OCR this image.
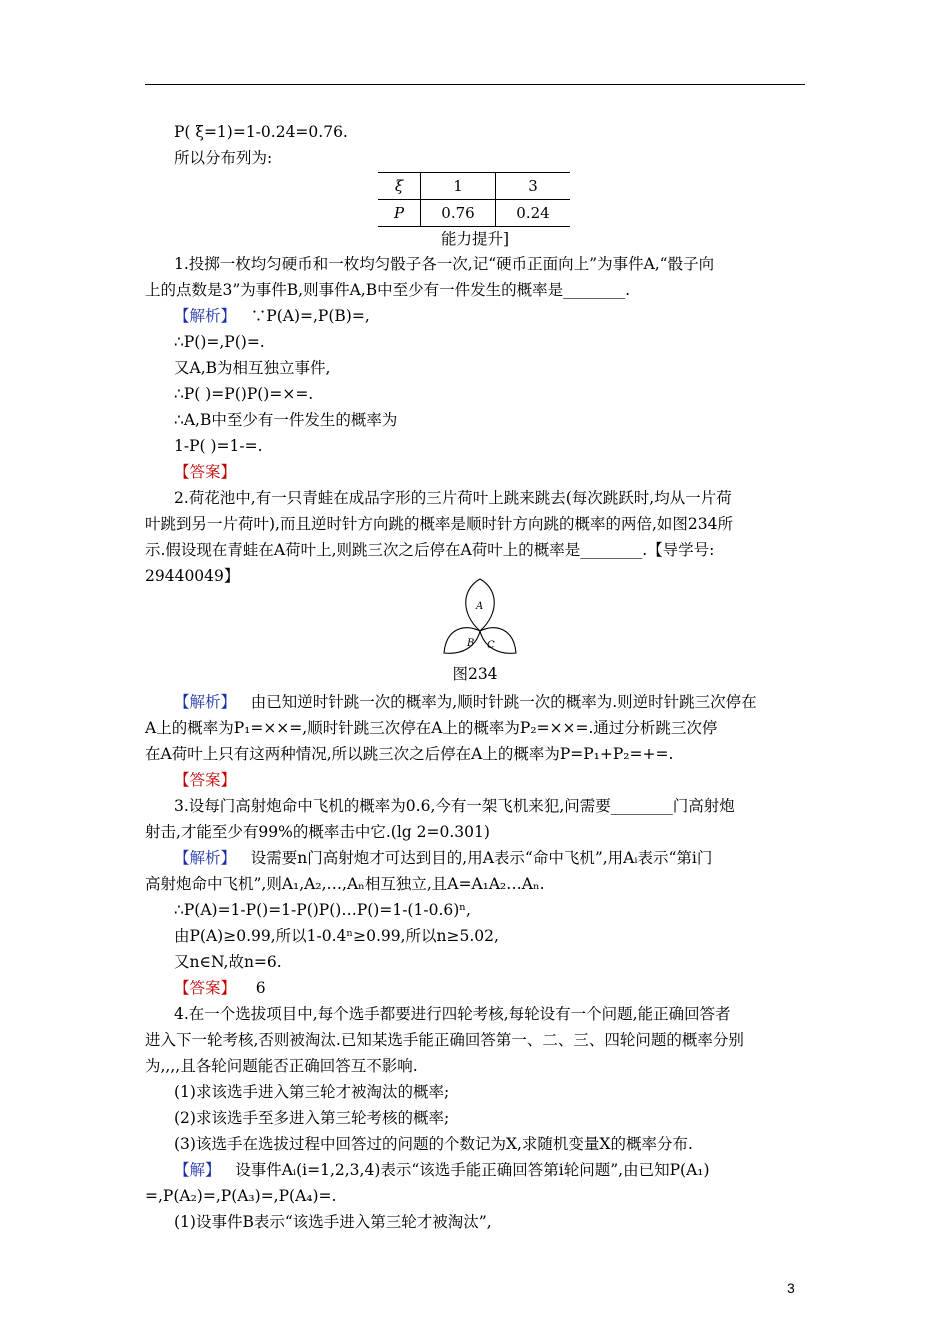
P( ξ=1)=1-0.24=0.76.
所以分布列为:
ξ	1	3
P	0.76	0.24
能力提升]
1.投掷一枚均匀硬币和一枚均匀骰子各一次,记“硬币正面向上”为事件A,“骰子向
上的点数是3”为事件B,则事件A,B中至少有一件发生的概率是________.
【解析】 ∵P(A)=,P(B)=,
∴P()=,P()=.
又A,B为相互独立事件,
∴P( )=P()P()=×=.
∴A,B中至少有一件发生的概率为
1-P( )=1-=.
【答案】
2.荷花池中,有一只青蛙在成品字形的三片荷叶上跳来跳去(每次跳跃时,均从一片荷
叶跳到另一片荷叶),而且逆时针方向跳的概率是顺时针方向跳的概率的两倍,如图234所
示.假设现在青蛙在A荷叶上,则跳三次之后停在A荷叶上的概率是________.【导学号:
29440049】
A
B C
图234
【解析】 由已知逆时针跳一次的概率为,顺时针跳一次的概率为.则逆时针跳三次停在
A上的概率为P₁=××=,顺时针跳三次停在A上的概率为P₂=××=.通过分析跳三次停
在A荷叶上只有这两种情况,所以跳三次之后停在A上的概率为P=P₁+P₂=+=.
【答案】
3.设每门高射炮命中飞机的概率为0.6,今有一架飞机来犯,问需要________门高射炮
射击,才能至少有99%的概率击中它.(lg 2=0.301)
【解析】 设需要n门高射炮才可达到目的,用A表示“命中飞机”,用Aᵢ表示“第i门
高射炮命中飞机”,则A₁,A₂,…,Aₙ相互独立,且A=A₁A₂…Aₙ.
∴P(A)=1-P()=1-P()P()…P()=1-(1-0.6)ⁿ,
由P(A)≥0.99,所以1-0.4ⁿ≥0.99,所以n≥5.02,
又n∈N,故n=6.
【答案】 6
4.在一个选拔项目中,每个选手都要进行四轮考核,每轮设有一个问题,能正确回答者
进入下一轮考核,否则被淘汰.已知某选手能正确回答第一、二、三、四轮问题的概率分别
为,,,,且各轮问题能否正确回答互不影响.
(1)求该选手进入第三轮才被淘汰的概率;
(2)求该选手至多进入第三轮考核的概率;
(3)该选手在选拔过程中回答过的问题的个数记为X,求随机变量X的概率分布.
【解】 设事件Aᵢ(i=1,2,3,4)表示“该选手能正确回答第i轮问题”,由已知P(A₁)
=,P(A₂)=,P(A₃)=,P(A₄)=.
(1)设事件B表示“该选手进入第三轮才被淘汰”,
3
